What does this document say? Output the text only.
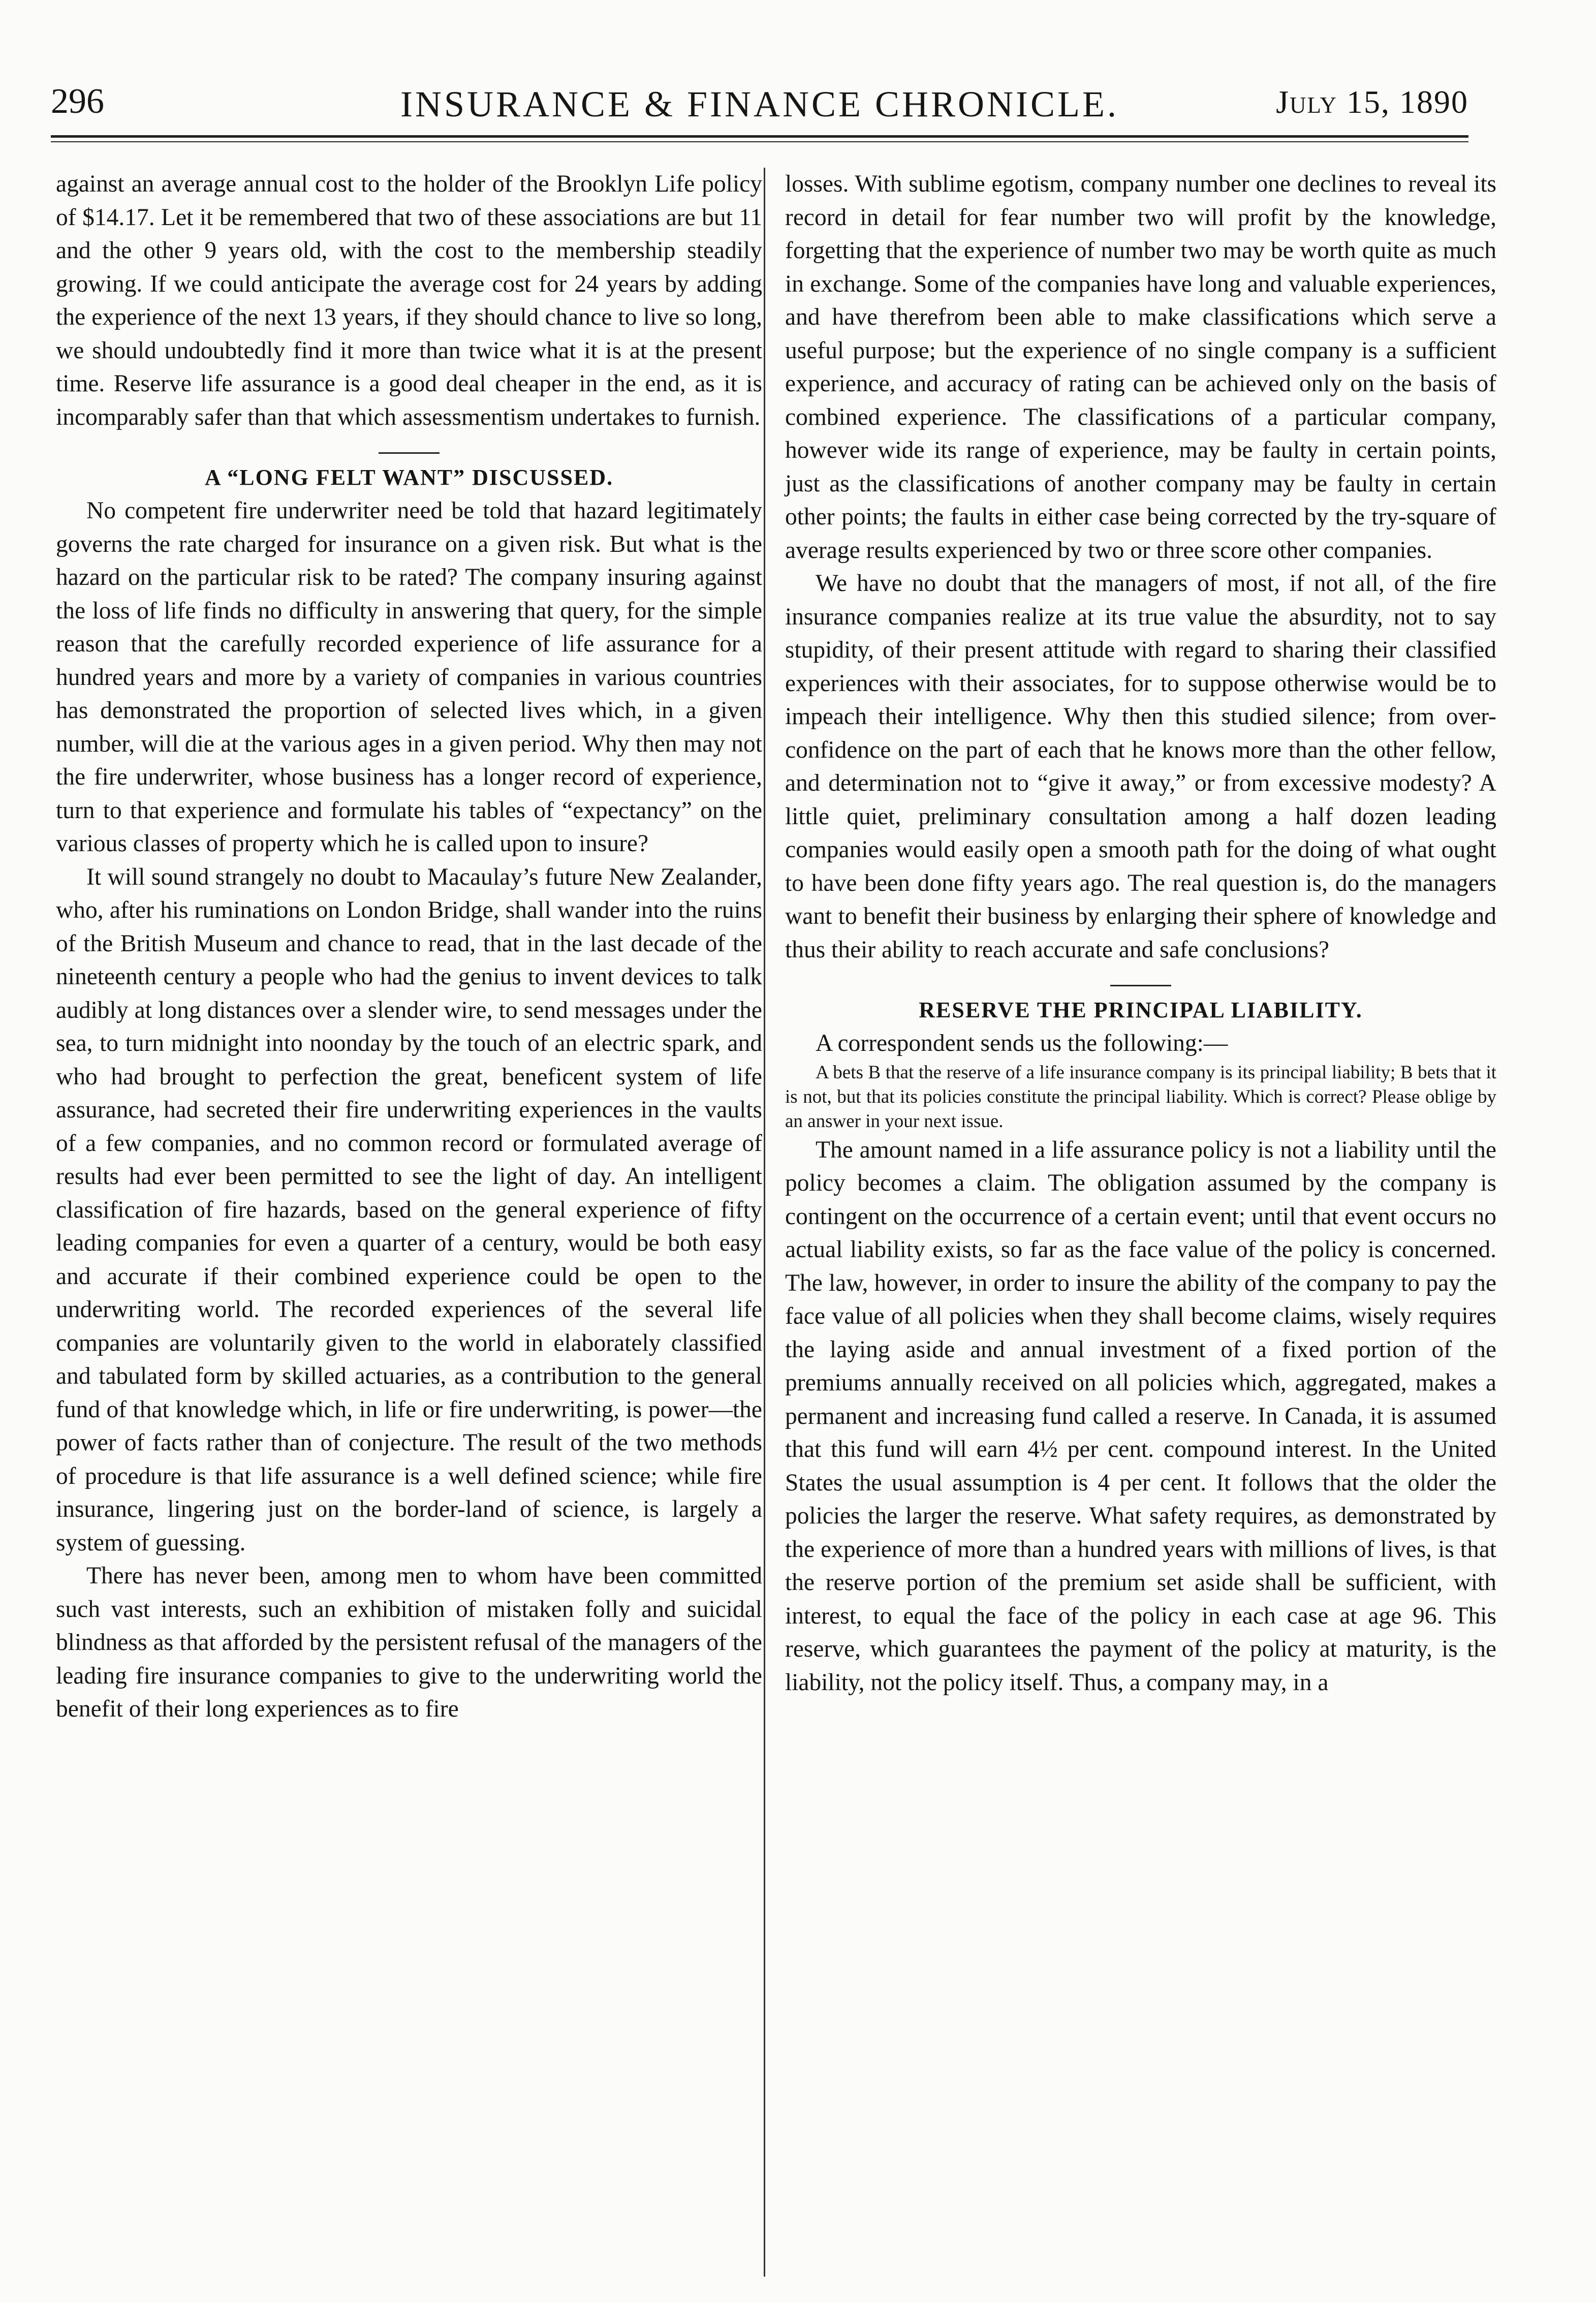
296	INSURANCE & FINANCE CHRONICLE.	July 15, 1890

against an average annual cost to the holder of the Brooklyn Life policy of $14.17. Let it be remembered that two of these associations are but 11 and the other 9 years old, with the cost to the membership steadily growing. If we could anticipate the average cost for 24 years by adding the experience of the next 13 years, if they should chance to live so long, we should undoubtedly find it more than twice what it is at the present time. Reserve life assurance is a good deal cheaper in the end, as it is incomparably safer than that which assessmentism undertakes to furnish.

A “LONG FELT WANT” DISCUSSED.

No competent fire underwriter need be told that hazard legitimately governs the rate charged for insurance on a given risk. But what is the hazard on the particular risk to be rated? The company insuring against the loss of life finds no difficulty in answering that query, for the simple reason that the carefully recorded experience of life assurance for a hundred years and more by a variety of companies in various countries has demonstrated the proportion of selected lives which, in a given number, will die at the various ages in a given period. Why then may not the fire underwriter, whose business has a longer record of experience, turn to that experience and formulate his tables of “expectancy” on the various classes of property which he is called upon to insure?

It will sound strangely no doubt to Macaulay’s future New Zealander, who, after his ruminations on London Bridge, shall wander into the ruins of the British Museum and chance to read, that in the last decade of the nineteenth century a people who had the genius to invent devices to talk audibly at long distances over a slender wire, to send messages under the sea, to turn midnight into noonday by the touch of an electric spark, and who had brought to perfection the great, beneficent system of life assurance, had secreted their fire underwriting experiences in the vaults of a few companies, and no common record or formulated average of results had ever been permitted to see the light of day. An intelligent classification of fire hazards, based on the general experience of fifty leading companies for even a quarter of a century, would be both easy and accurate if their combined experience could be open to the underwriting world. The recorded experiences of the several life companies are voluntarily given to the world in elaborately classified and tabulated form by skilled actuaries, as a contribution to the general fund of that knowledge which, in life or fire underwriting, is power—the power of facts rather than of conjecture. The result of the two methods of procedure is that life assurance is a well defined science; while fire insurance, lingering just on the border-land of science, is largely a system of guessing.

There has never been, among men to whom have been committed such vast interests, such an exhibition of mistaken folly and suicidal blindness as that afforded by the persistent refusal of the managers of the leading fire insurance companies to give to the underwriting world the benefit of their long experiences as to fire

losses. With sublime egotism, company number one declines to reveal its record in detail for fear number two will profit by the knowledge, forgetting that the experience of number two may be worth quite as much in exchange. Some of the companies have long and valuable experiences, and have therefrom been able to make classifications which serve a useful purpose; but the experience of no single company is a sufficient experience, and accuracy of rating can be achieved only on the basis of combined experience. The classifications of a particular company, however wide its range of experience, may be faulty in certain points, just as the classifications of another company may be faulty in certain other points; the faults in either case being corrected by the try-square of average results experienced by two or three score other companies.

We have no doubt that the managers of most, if not all, of the fire insurance companies realize at its true value the absurdity, not to say stupidity, of their present attitude with regard to sharing their classified experiences with their associates, for to suppose otherwise would be to impeach their intelligence. Why then this studied silence; from over-confidence on the part of each that he knows more than the other fellow, and determination not to “give it away,” or from excessive modesty? A little quiet, preliminary consultation among a half dozen leading companies would easily open a smooth path for the doing of what ought to have been done fifty years ago. The real question is, do the managers want to benefit their business by enlarging their sphere of knowledge and thus their ability to reach accurate and safe conclusions?

RESERVE THE PRINCIPAL LIABILITY.

A correspondent sends us the following:—

A bets B that the reserve of a life insurance company is its principal liability; B bets that it is not, but that its policies constitute the principal liability. Which is correct? Please oblige by an answer in your next issue.

The amount named in a life assurance policy is not a liability until the policy becomes a claim. The obligation assumed by the company is contingent on the occurrence of a certain event; until that event occurs no actual liability exists, so far as the face value of the policy is concerned. The law, however, in order to insure the ability of the company to pay the face value of all policies when they shall become claims, wisely requires the laying aside and annual investment of a fixed portion of the premiums annually received on all policies which, aggregated, makes a permanent and increasing fund called a reserve. In Canada, it is assumed that this fund will earn 4½ per cent. compound interest. In the United States the usual assumption is 4 per cent. It follows that the older the policies the larger the reserve. What safety requires, as demonstrated by the experience of more than a hundred years with millions of lives, is that the reserve portion of the premium set aside shall be sufficient, with interest, to equal the face of the policy in each case at age 96. This reserve, which guarantees the payment of the policy at maturity, is the liability, not the policy itself. Thus, a company may, in a
